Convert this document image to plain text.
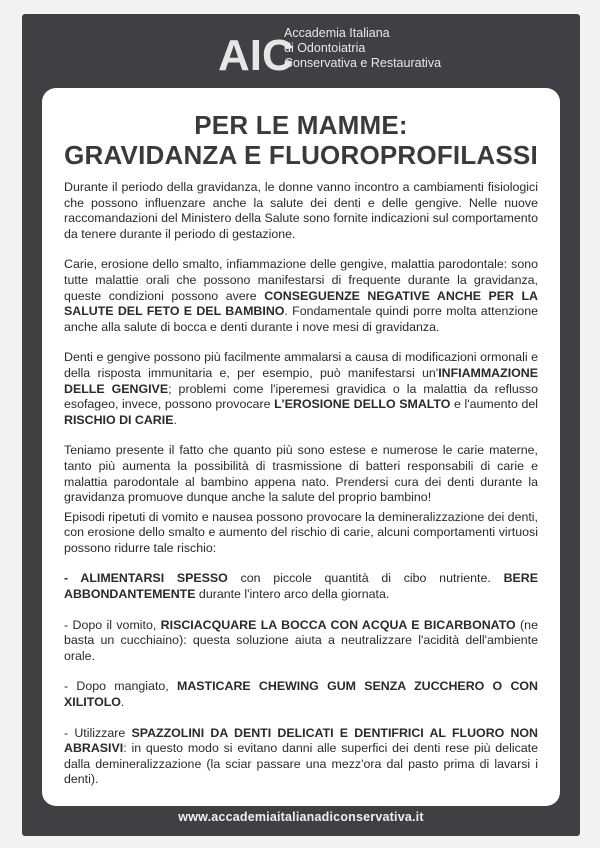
AIC
Accademia Italiana
di Odontoiatria
Conservativa e Restaurativa
PER LE MAMME:
GRAVIDANZA E FLUOROPROFILASSI

Durante il periodo della gravidanza, le donne vanno incontro a cambiamenti fisiologici che possono influenzare anche la salute dei denti e delle gengive. Nelle nuove raccomandazioni del Ministero della Salute sono fornite indicazioni sul comportamento da tenere durante il periodo di gestazione.

Carie, erosione dello smalto, infiammazione delle gengive, malattia parodontale: sono tutte malattie orali che possono manifestarsi di frequente durante la gravidanza, queste condizioni possono avere CONSEGUENZE NEGATIVE ANCHE PER LA SALUTE DEL FETO E DEL BAMBINO. Fondamentale quindi porre molta attenzione anche alla salute di bocca e denti durante i nove mesi di gravidanza.

Denti e gengive possono più facilmente ammalarsi a causa di modificazioni ormonali e della risposta immunitaria e, per esempio, può manifestarsi un'INFIAMMAZIONE DELLE GENGIVE; problemi come l'iperemesi gravidica o la malattia da reflusso esofageo, invece, possono provocare L'EROSIONE DELLO SMALTO e l'aumento del RISCHIO DI CARIE.

Teniamo presente il fatto che quanto più sono estese e numerose le carie materne, tanto più aumenta la possibilità di trasmissione di batteri responsabili di carie e malattia parodontale al bambino appena nato. Prendersi cura dei denti durante la gravidanza promuove dunque anche la salute del proprio bambino!

Episodi ripetuti di vomito e nausea possono provocare la demineralizzazione dei denti, con erosione dello smalto e aumento del rischio di carie, alcuni comportamenti virtuosi possono ridurre tale rischio:

- ALIMENTARSI SPESSO con piccole quantità di cibo nutriente. BERE ABBONDANTEMENTE durante l'intero arco della giornata.

- Dopo il vomito, RISCIACQUARE LA BOCCA CON ACQUA E BICARBONATO (ne basta un cucchiaino): questa soluzione aiuta a neutralizzare l'acidità dell'ambiente orale.

- Dopo mangiato, MASTICARE CHEWING GUM SENZA ZUCCHERO O CON XILITOLO.

- Utilizzare SPAZZOLINI DA DENTI DELICATI E DENTIFRICI AL FLUORO NON ABRASIVI: in questo modo si evitano danni alle superfici dei denti rese più delicate dalla demineralizzazione (la sciar passare una mezz'ora dal pasto prima di lavarsi i denti).

www.accademiaitalianadiconservativa.it
